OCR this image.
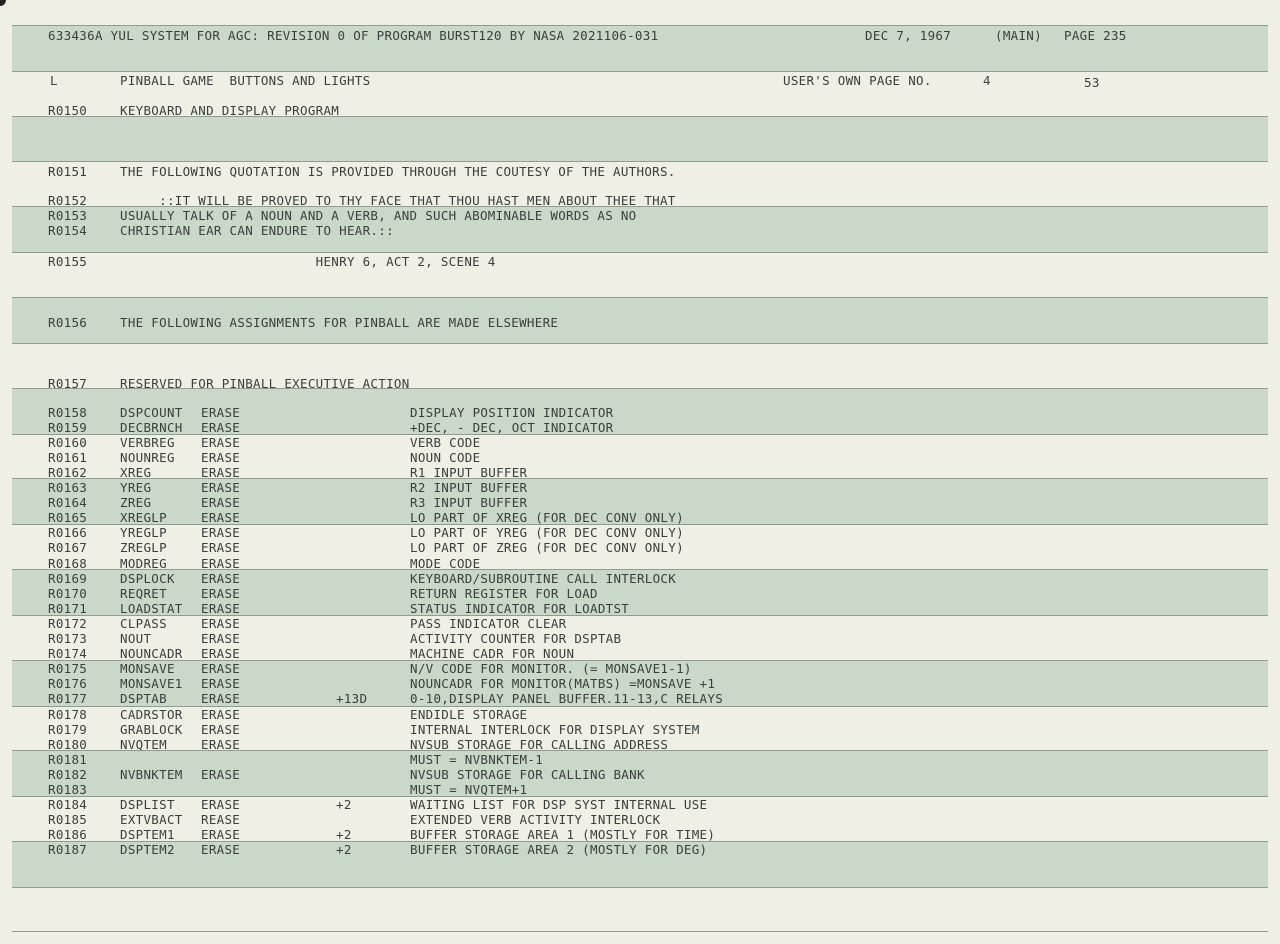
633436A YUL SYSTEM FOR AGC: REVISION 0 OF PROGRAM BURST120 BY NASA 2021106-031	DEC 7, 1967	(MAIN) PAGE 235
L	PINBALL GAME  BUTTONS AND LIGHTS	USER'S OWN PAGE NO.	4	53
R0150	KEYBOARD AND DISPLAY PROGRAM
R0151	THE FOLLOWING QUOTATION IS PROVIDED THROUGH THE COUTESY OF THE AUTHORS.
R0152	::IT WILL BE PROVED TO THY FACE THAT THOU HAST MEN ABOUT THEE THAT
R0153	USUALLY TALK OF A NOUN AND A VERB, AND SUCH ABOMINABLE WORDS AS NO
R0154	CHRISTIAN EAR CAN ENDURE TO HEAR.::
R0155	HENRY 6, ACT 2, SCENE 4
R0156	THE FOLLOWING ASSIGNMENTS FOR PINBALL ARE MADE ELSEWHERE
R0157	RESERVED FOR PINBALL EXECUTIVE ACTION
R0158	DSPCOUNT ERASE	DISPLAY POSITION INDICATOR
R0159	DECBRNCH ERASE	+DEC, - DEC, OCT INDICATOR
R0160	VERBREG ERASE	VERB CODE
R0161	NOUNREG ERASE	NOUN CODE
R0162	XREG	ERASE	R1 INPUT BUFFER
R0163	YREG	ERASE	R2 INPUT BUFFER
R0164	ZREG	ERASE	R3 INPUT BUFFER
R0165	XREGLP	ERASE	LO PART OF XREG (FOR DEC CONV ONLY)
R0166	YREGLP	ERASE	LO PART OF YREG (FOR DEC CONV ONLY)
R0167	ZREGLP	ERASE	LO PART OF ZREG (FOR DEC CONV ONLY)
R0168	MODREG	ERASE	MODE CODE
R0169	DSPLOCK ERASE	KEYBOARD/SUBROUTINE CALL INTERLOCK
R0170	REQRET	ERASE	RETURN REGISTER FOR LOAD
R0171	LOADSTAT ERASE	STATUS INDICATOR FOR LOADTST
R0172	CLPASS	ERASE	PASS INDICATOR CLEAR
R0173	NOUT	ERASE	ACTIVITY COUNTER FOR DSPTAB
R0174	NOUNCADR ERASE	MACHINE CADR FOR NOUN
R0175	MONSAVE ERASE	N/V CODE FOR MONITOR. (= MONSAVE1-1)
R0176	MONSAVE1 ERASE	NOUNCADR FOR MONITOR(MATBS) =MONSAVE +1
R0177	DSPTAB	ERASE	+13D	0-10,DISPLAY PANEL BUFFER.11-13,C RELAYS
R0178	CADRSTOR ERASE	ENDIDLE STORAGE
R0179	GRABLOCK ERASE	INTERNAL INTERLOCK FOR DISPLAY SYSTEM
R0180	NVQTEM	ERASE	NVSUB STORAGE FOR CALLING ADDRESS
R0181	MUST = NVBNKTEM-1
R0182	NVBNKTEM ERASE	NVSUB STORAGE FOR CALLING BANK
R0183	MUST = NVQTEM+1
R0184	DSPLIST ERASE	+2	WAITING LIST FOR DSP SYST INTERNAL USE
R0185	EXTVBACT REASE	EXTENDED VERB ACTIVITY INTERLOCK
R0186	DSPTEM1 ERASE	+2	BUFFER STORAGE AREA 1 (MOSTLY FOR TIME)
R0187	DSPTEM2 ERASE	+2	BUFFER STORAGE AREA 2 (MOSTLY FOR DEG)
